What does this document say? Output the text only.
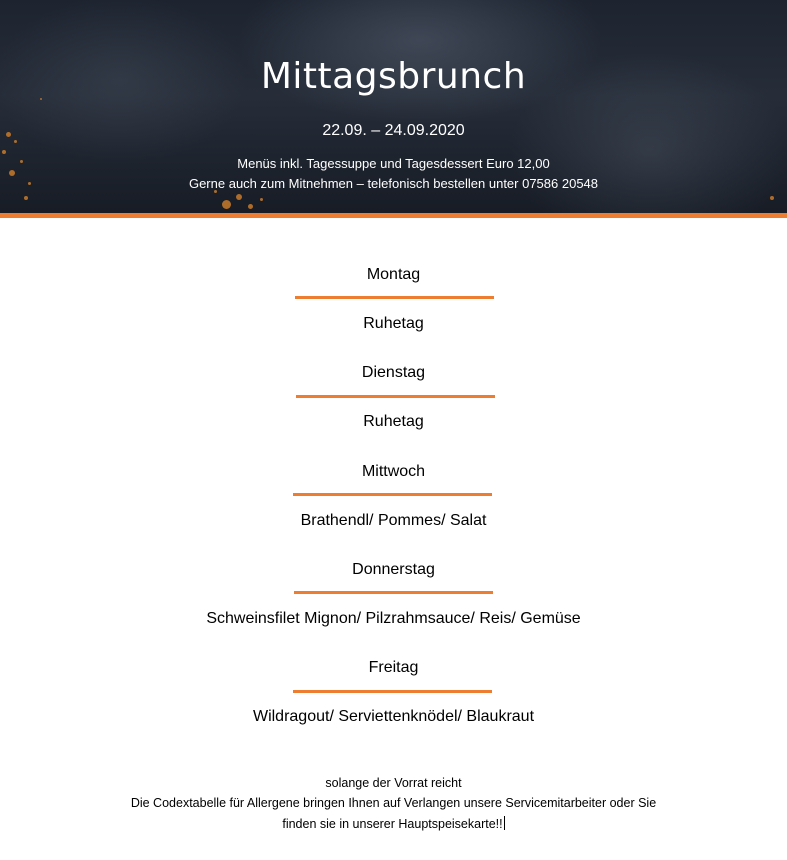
Mittagsbrunch
22.09. – 24.09.2020
Menüs inkl. Tagessuppe und Tagesdessert Euro 12,00
Gerne auch zum Mitnehmen – telefonisch bestellen unter 07586 20548
Montag
Ruhetag
Dienstag
Ruhetag
Mittwoch
Brathendl/ Pommes/ Salat
Donnerstag
Schweinsfilet Mignon/ Pilzrahmsauce/ Reis/ Gemüse
Freitag
Wildragout/ Serviettenknödel/ Blaukraut
solange der Vorrat reicht
Die Codextabelle für Allergene bringen Ihnen auf Verlangen unsere Servicemitarbeiter oder Sie
finden sie in unserer Hauptspeisekarte!!
